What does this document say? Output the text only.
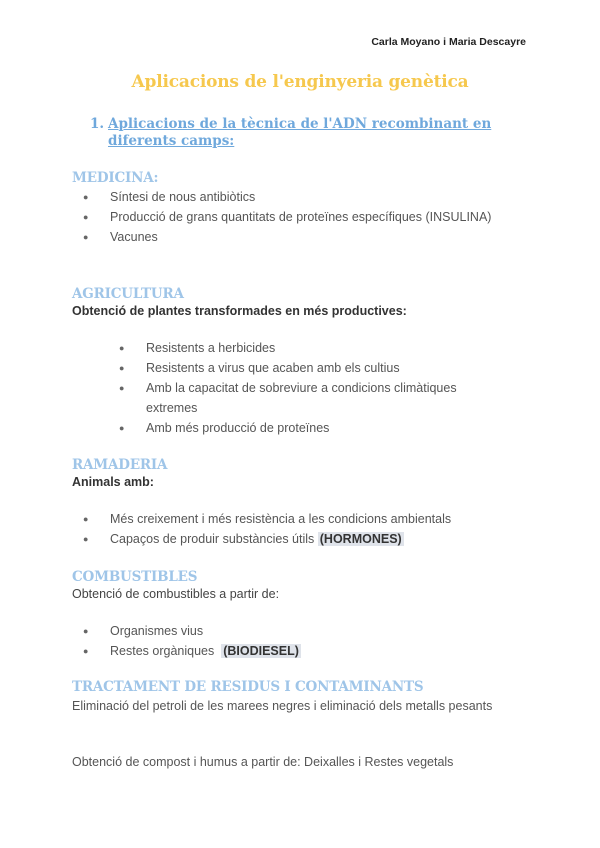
Carla Moyano i Maria Descayre
Aplicacions de l'enginyeria genètica
1. Aplicacions de la tècnica de l'ADN recombinant en diferents camps:
MEDICINA:
● Síntesi de nous antibiòtics
● Producció de grans quantitats de proteïnes específiques (INSULINA)
● Vacunes
AGRICULTURA
Obtenció de plantes transformades en més productives:
● Resistents a herbicides
● Resistents a virus que acaben amb els cultius
● Amb la capacitat de sobreviure a condicions climàtiques extremes
● Amb més producció de proteïnes
RAMADERIA
Animals amb:
● Més creixement i més resistència a les condicions ambientals
● Capaços de produir substàncies útils (HORMONES)
COMBUSTIBLES
Obtenció de combustibles a partir de:
● Organismes vius
● Restes orgàniques (BIODIESEL)
TRACTAMENT DE RESIDUS I CONTAMINANTS
Eliminació del petroli de les marees negres i eliminació dels metalls pesants
Obtenció de compost i humus a partir de: Deixalles i Restes vegetals
